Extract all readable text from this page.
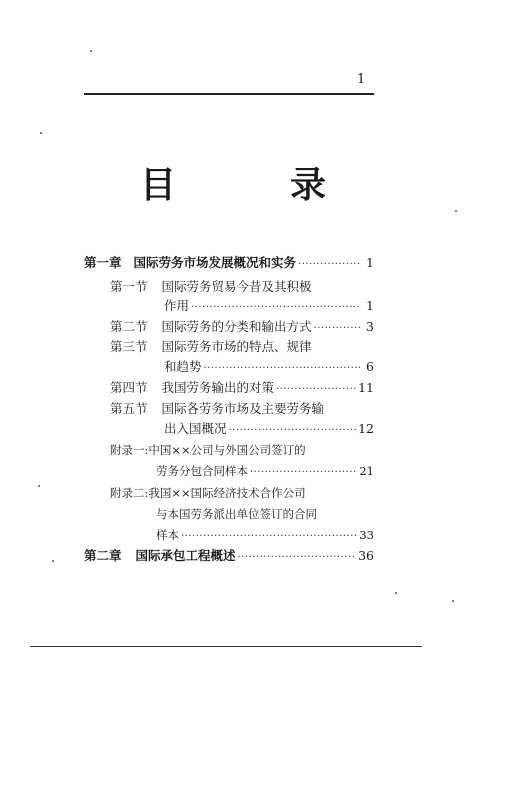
1
目	录
第一章 国际劳务市场发展概况和实务 ·····	1
第一节 国际劳务贸易今昔及其积极
作用 ·····	1
第二节 国际劳务的分类和输出方式 ·····	3
第三节 国际劳务市场的特点、规律
和趋势 ·····	6
第四节 我国劳务输出的对策 ·····	11
第五节 国际各劳务市场及主要劳务输
出入国概况 ·····	12
附录一: 中国××公司与外国公司签订的
劳务分包合同样本 ·····	21
附录二: 我国××国际经济技术合作公司
与本国劳务派出单位签订的合同
样本 ·····	33
第二章 国际承包工程概述 ·····	36
